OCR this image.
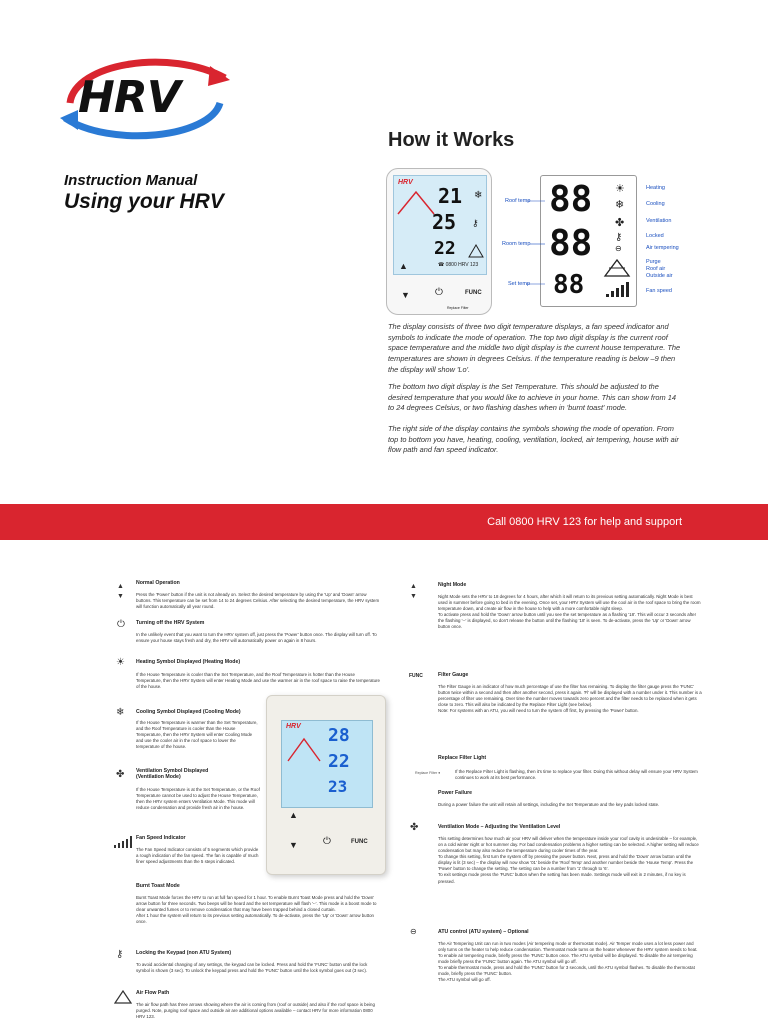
HRV
Instruction Manual
Using your HRV
How it Works
HRV
21 ❄
25 ⚷
22
☎ 0800 HRV 123
▲
▼	⏻	FUNC
Replace Filter
88
88
88
☀
❄
✤
⚷
⊖
Roof temp
Room temp
Set temp
Heating
Cooling
Ventilation
Locked
Air tempering
Purge
Roof air
Outside air
Fan speed
The display consists of three two digit temperature displays, a fan speed indicator and symbols to indicate the mode of operation. The top two digit display is the current roof space temperature and the middle two digit display is the current house temperature. The temperatures are shown in degrees Celsius. If the temperature reading is below –9 then the display will show 'Lo'.
The bottom two digit display is the Set Temperature. This should be adjusted to the desired temperature that you would like to achieve in your home. This can show from 14 to 24 degrees Celsius, or two flashing dashes when in 'burnt toast' mode.
The right side of the display contains the symbols showing the mode of operation. From top to bottom you have, heating, cooling, ventilation, locked, air tempering, house with air flow path and fan speed indicator.
Call 0800 HRV 123 for help and support
▲
▼
Normal Operation
Press the 'Power' button if the unit is not already on. Select the desired temperature by using the 'Up' and 'Down' arrow buttons. This temperature can be set from 14 to 24 degrees Celsius. After selecting the desired temperature, the HRV system will function automatically all year round.
⏻ Turning off the HRV System
In the unlikely event that you want to turn the HRV system off, just press the 'Power' button once. The display will turn off. To ensure your house stays fresh and dry, the HRV will automatically power on again in 8 hours.
☀ Heating Symbol Displayed (Heating Mode)
If the House Temperature is cooler than the Set Temperature, and the Roof Temperature is hotter than the House Temperature, then the HRV System will enter Heating Mode and use the warmer air in the roof space to raise the temperature of the house.
❄ Cooling Symbol Displayed (Cooling Mode)
If the House Temperature is warmer than the Set Temperature, and the Roof Temperature is cooler than the House Temperature, then the HRV System will enter Cooling Mode and use the cooler air in the roof space to lower the temperature of the house.
✤ Ventilation Symbol Displayed (Ventilation Mode)
If the House Temperature is at the Set Temperature, or the Roof Temperature cannot be used to adjust the House Temperature, then the HRV system enters Ventilation Mode. This mode will reduce condensation and provide fresh air in the house.
Fan Speed Indicator
The Fan Speed Indicator consists of 5 segments which provide a rough indication of the fan speed. The fan is capable of much finer speed adjustments than the 5 steps indicated.
Burnt Toast Mode
Burnt Toast Mode forces the HRV to run at full fan speed for 1 hour. To enable Burnt Toast Mode press and hold the 'Down' arrow button for three seconds. Two beeps will be heard and the set temperature will flash '--'. This mode is a boost mode to clear unwanted fumes or to remove condensation that may have been trapped behind a closed curtain.
After 1 hour the system will return to its previous setting automatically. To de-activate, press the 'Up' or 'Down' arrow button once.
⚷ Locking the Keypad (non ATU System)
To avoid accidental changing of any settings, the keypad can be locked. Press and hold the 'FUNC' button until the lock symbol is shown (3 sec). To unlock the keypad press and hold the 'FUNC' button until the lock symbol goes out (3 sec).
Air Flow Path
The air flow path has three arrows showing where the air is coming from (roof or outside) and also if the roof space is being purged. Note, purging roof space and outside air are additional options available – contact HRV for more information 0800 HRV 123.
HRV 28
22
23
▲
▼	⏻	FUNC
▲
▼
Night Mode
Night Mode sets the HRV to 18 degrees for 4 hours, after which it will return to its previous setting automatically. Night Mode is best used in summer before going to bed in the evening. Once set, your HRV System will use the cool air in the roof space to bring the room temperature down, and create air flow in the house to help with a more comfortable night sleep.
To activate press and hold the 'Down' arrow button until you see the set temperature as a flashing '18'. This will occur 3 seconds after the flashing '--' is displayed, so don't release the button until the flashing '18' is seen. To de-activate, press the 'Up' or 'Down' arrow button once.
FUNC	Filter Gauge
The Filter Gauge is an indicator of how much percentage of use the filter has remaining. To display the filter gauge press the 'FUNC' button twice within a second and then after another second, press it again. 'Fl' will be displayed with a number under it. This number is a percentage of filter use remaining. Over time the number moves towards zero percent and the filter needs to be replaced when it gets close to zero. This will also be indicated by the Replace Filter Light (see below).
Note: For systems with an ATU, you will need to turn the system off first, by pressing the 'Power' button.
Replace Filter Light
Replace Filter ●	If the Replace Filter Light is flashing, then it's time to replace your filter. Doing this without delay will ensure your HRV System continues to work at its best performance.
Power Failure
During a power failure the unit will retain all settings, including the Set Temperature and the key pads locked state.
✤	Ventilation Mode – Adjusting the Ventilation Level
This setting determines how much air your HRV will deliver when the temperature inside your roof cavity is undesirable – for example, on a cold winter night or hot summer day. For bad condensation problems a higher setting can be selected. A higher setting will reduce condensation but may also reduce the temperature during cooler times of the year.
To change this setting, first turn the system off by pressing the power button. Next, press and hold the 'Down' arrow button until the display is lit (3 sec) – the display will now show '01' beside the 'Roof Temp' and another number beside the 'House Temp'. Press the 'Power' button to change the setting. The setting can be a number from '1' through to '6'.
To exit settings mode press the 'FUNC' button when the setting has been made. Settings mode will exit in 2 minutes, if no key is pressed.
⊖	ATU control (ATU system) – Optional
The Air Tempering Unit can run in two modes (Air tempering mode or thermostat mode). Air Temper mode uses a lot less power and only turns on the heater to help reduce condensation. Thermostat mode turns on the heater whenever the HRV system needs to heat.
To enable air tempering mode, briefly press the 'FUNC' button once. The ATU symbol will be displayed. To disable the air tempering mode briefly press the 'FUNC' button again. The ATU symbol will go off.
To enable thermostat mode, press and hold the 'FUNC' button for 3 seconds, until the ATU symbol flashes. To disable the thermostat mode, briefly press the 'FUNC' button.
The ATU symbol will go off.
